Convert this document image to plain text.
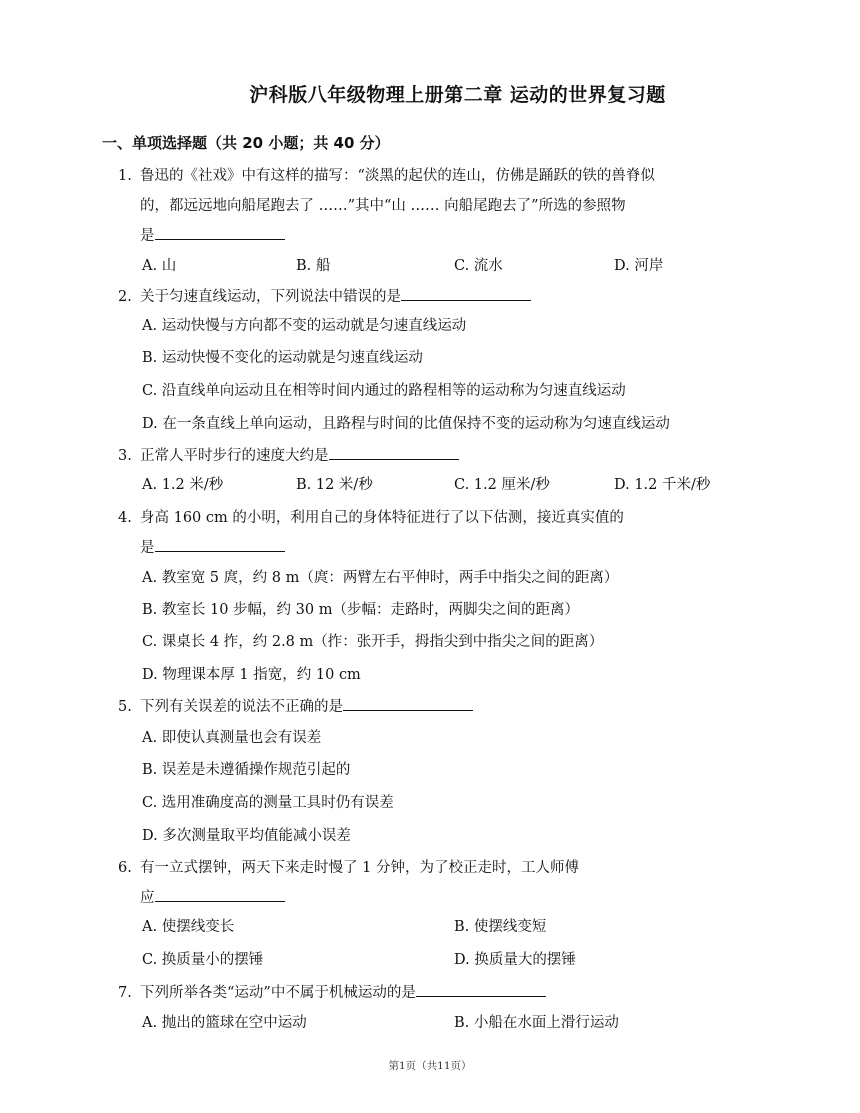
沪科版八年级物理上册第二章 运动的世界复习题
一、单项选择题（共 20 小题；共 40 分）
1. 鲁迅的《社戏》中有这样的描写：“淡黑的起伏的连山，仿佛是踊跃的铁的兽脊似
的，都远远地向船尾跑去了 ……”其中“山 …… 向船尾跑去了”所选的参照物
是
A. 山	B. 船	C. 流水	D. 河岸
2. 关于匀速直线运动，下列说法中错误的是
A. 运动快慢与方向都不变的运动就是匀速直线运动
B. 运动快慢不变化的运动就是匀速直线运动
C. 沿直线单向运动且在相等时间内通过的路程相等的运动称为匀速直线运动
D. 在一条直线上单向运动，且路程与时间的比值保持不变的运动称为匀速直线运动
3. 正常人平时步行的速度大约是
A. 1.2 米/秒	B. 12 米/秒	C. 1.2 厘米/秒	D. 1.2 千米/秒
4. 身高 160 cm 的小明，利用自己的身体特征进行了以下估测，接近真实值的
是
A. 教室宽 5 庹，约 8 m（庹：两臂左右平伸时，两手中指尖之间的距离）
B. 教室长 10 步幅，约 30 m（步幅：走路时，两脚尖之间的距离）
C. 课桌长 4 拃，约 2.8 m（拃：张开手，拇指尖到中指尖之间的距离）
D. 物理课本厚 1 指宽，约 10 cm
5. 下列有关误差的说法不正确的是
A. 即使认真测量也会有误差
B. 误差是未遵循操作规范引起的
C. 选用准确度高的测量工具时仍有误差
D. 多次测量取平均值能减小误差
6. 有一立式摆钟，两天下来走时慢了 1 分钟，为了校正走时，工人师傅
应
A. 使摆线变长	B. 使摆线变短
C. 换质量小的摆锤	D. 换质量大的摆锤
7. 下列所举各类“运动”中不属于机械运动的是
A. 抛出的篮球在空中运动	B. 小船在水面上滑行运动
第1页（共11页）
